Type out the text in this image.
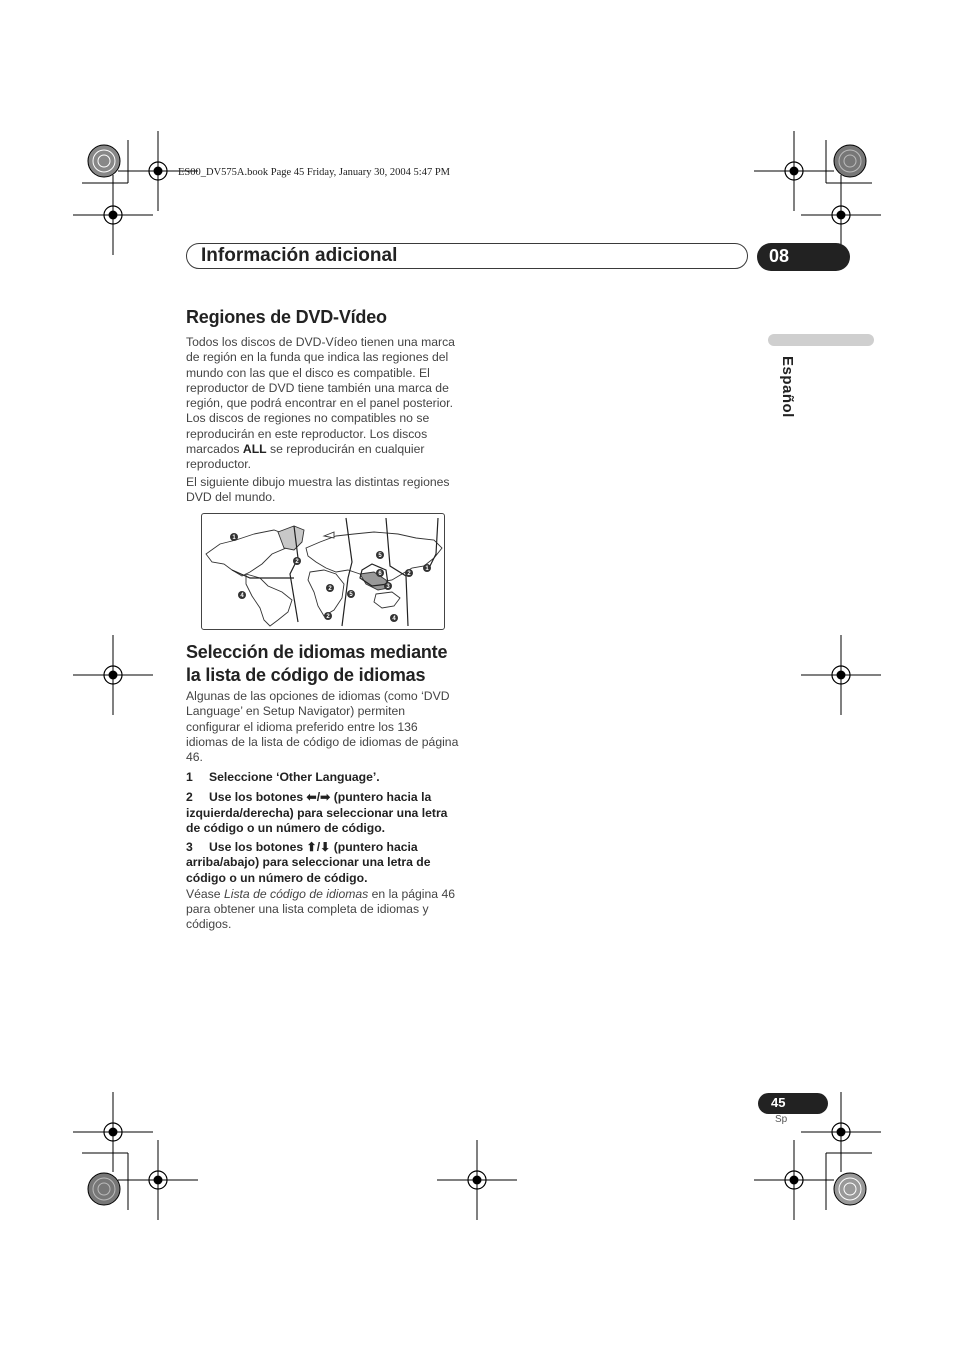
ES00_DV575A.book Page 45 Friday, January 30, 2004 5:47 PM
Información adicional	08
Español
Regiones de DVD-Vídeo

Todos los discos de DVD-Vídeo tienen una marca de región en la funda que indica las regiones del mundo con las que el disco es compatible. El reproductor de DVD tiene también una marca de región, que podrá encontrar en el panel posterior. Los discos de regiones no compatibles no se reproducirán en este reproductor. Los discos marcados ALL se reproducirán en cualquier reproductor.

El siguiente dibujo muestra las distintas regiones DVD del mundo.

1
2
2
5
6	2
1
3
4	5
2	4
Selección de idiomas mediante
la lista de código de idiomas

Algunas de las opciones de idiomas (como ‘DVD Language’ en Setup Navigator) permiten configurar el idioma preferido entre los 136 idiomas de la lista de código de idiomas de página 46.

1 Seleccione ‘Other Language’.

2 Use los botones ⬅/➡ (puntero hacia la izquierda/derecha) para seleccionar una letra de código o un número de código.

3 Use los botones ⬆/⬇ (puntero hacia arriba/abajo) para seleccionar una letra de código o un número de código.

Véase Lista de código de idiomas en la página 46 para obtener una lista completa de idiomas y códigos.

45
Sp
